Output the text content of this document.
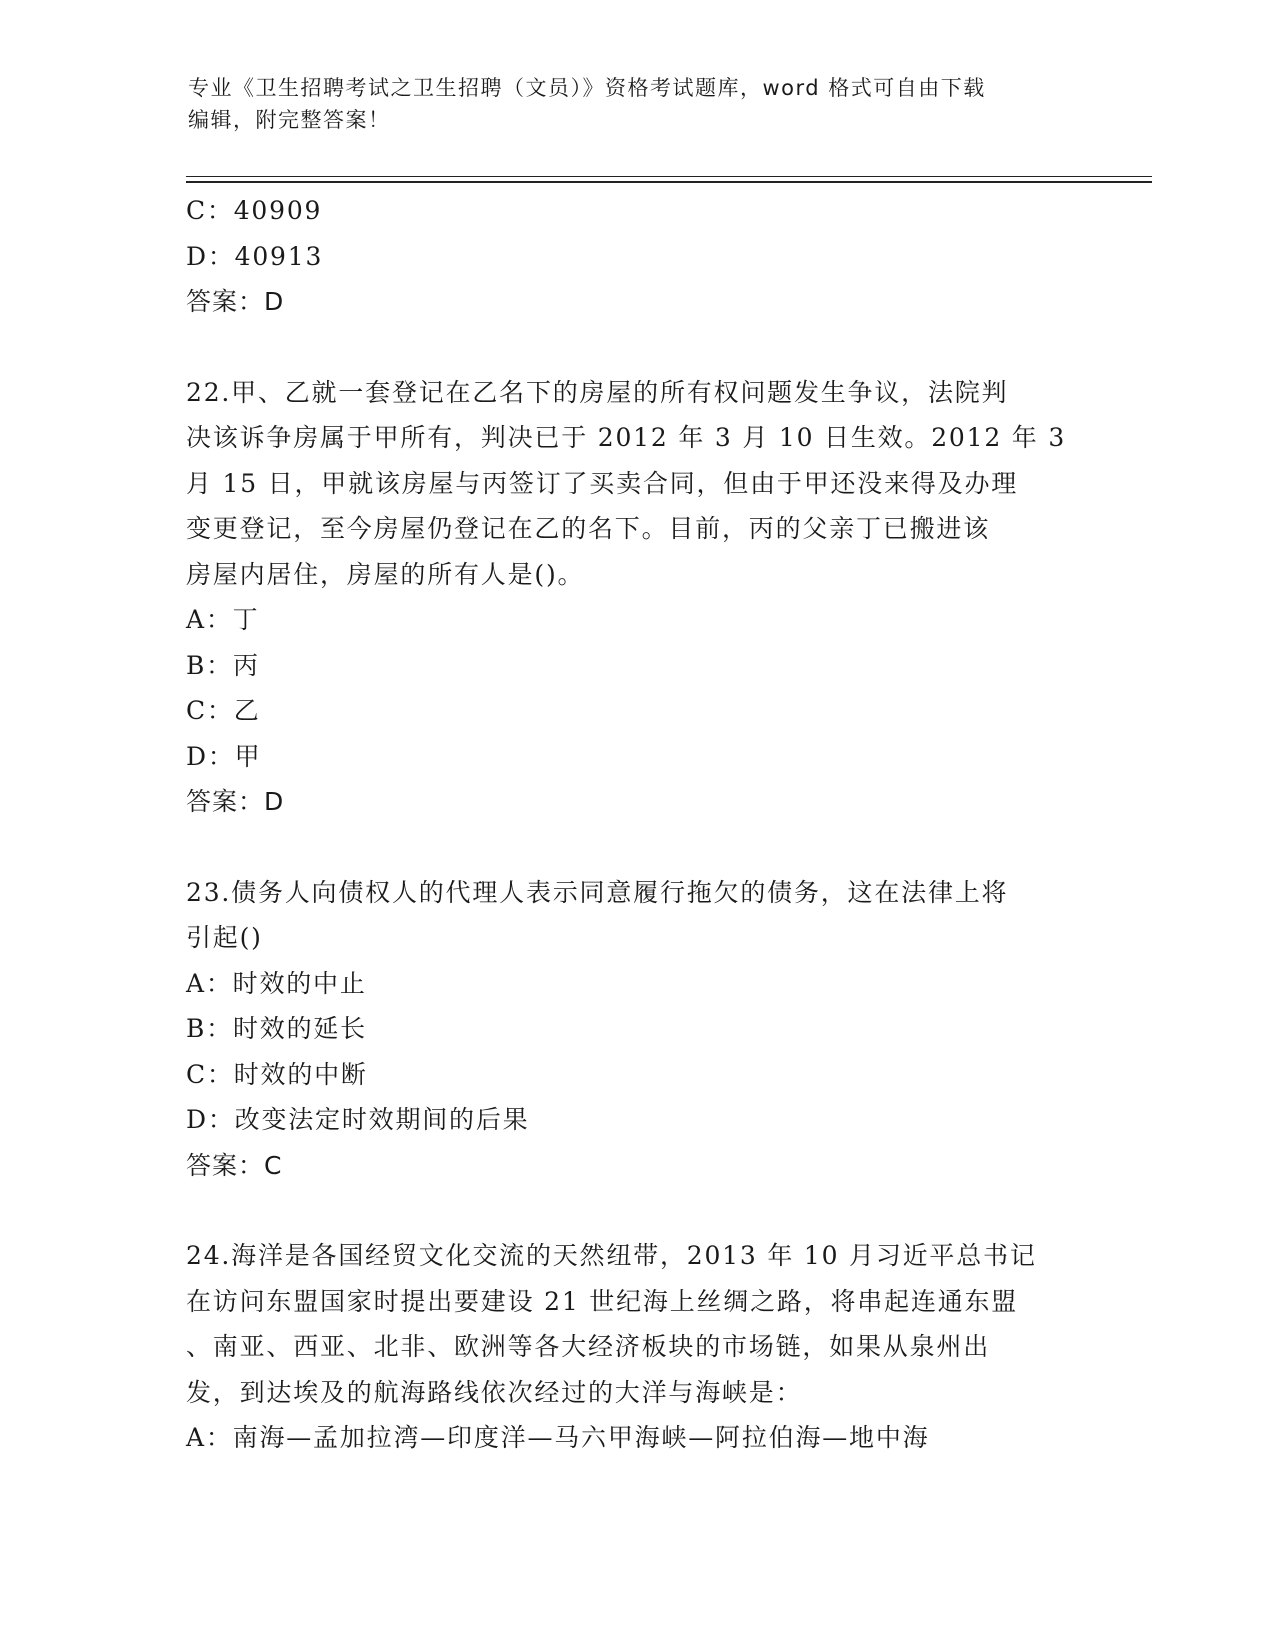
专业《卫生招聘考试之卫生招聘（文员）》资格考试题库，word 格式可自由下载
编辑，附完整答案！
C：40909
D：40913
答案：D
22.甲、乙就一套登记在乙名下的房屋的所有权问题发生争议，法院判
决该诉争房属于甲所有，判决已于 2012 年 3 月 10 日生效。2012 年 3
月 15 日，甲就该房屋与丙签订了买卖合同，但由于甲还没来得及办理
变更登记，至今房屋仍登记在乙的名下。目前，丙的父亲丁已搬进该
房屋内居住，房屋的所有人是()。
A：丁
B：丙
C：乙
D：甲
答案：D
23.债务人向债权人的代理人表示同意履行拖欠的债务，这在法律上将
引起()
A：时效的中止
B：时效的延长
C：时效的中断
D：改变法定时效期间的后果
答案：C
24.海洋是各国经贸文化交流的天然纽带，2013 年 10 月习近平总书记
在访问东盟国家时提出要建设 21 世纪海上丝绸之路，将串起连通东盟
、南亚、西亚、北非、欧洲等各大经济板块的市场链，如果从泉州出
发，到达埃及的航海路线依次经过的大洋与海峡是：
A：南海—孟加拉湾—印度洋—马六甲海峡—阿拉伯海—地中海
